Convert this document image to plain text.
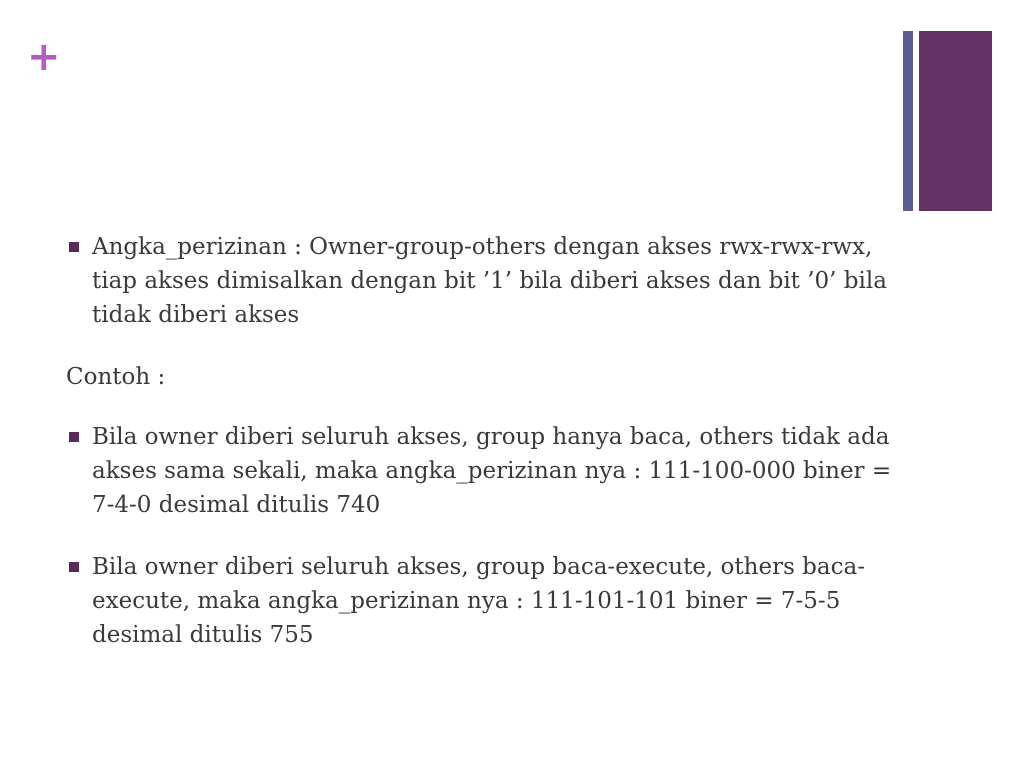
+
Angka_perizinan : Owner-group-others dengan akses rwx-rwx-rwx, tiap akses dimisalkan dengan bit ’1’ bila diberi akses dan bit ’0’ bila tidak diberi akses
Contoh :
Bila owner diberi seluruh akses, group hanya baca, others tidak ada akses sama sekali, maka angka_perizinan nya : 111-100-000 biner = 7-4-0 desimal ditulis 740
Bila owner diberi seluruh akses, group baca-execute, others baca-execute, maka angka_perizinan nya : 111-101-101 biner = 7-5-5 desimal ditulis 755
